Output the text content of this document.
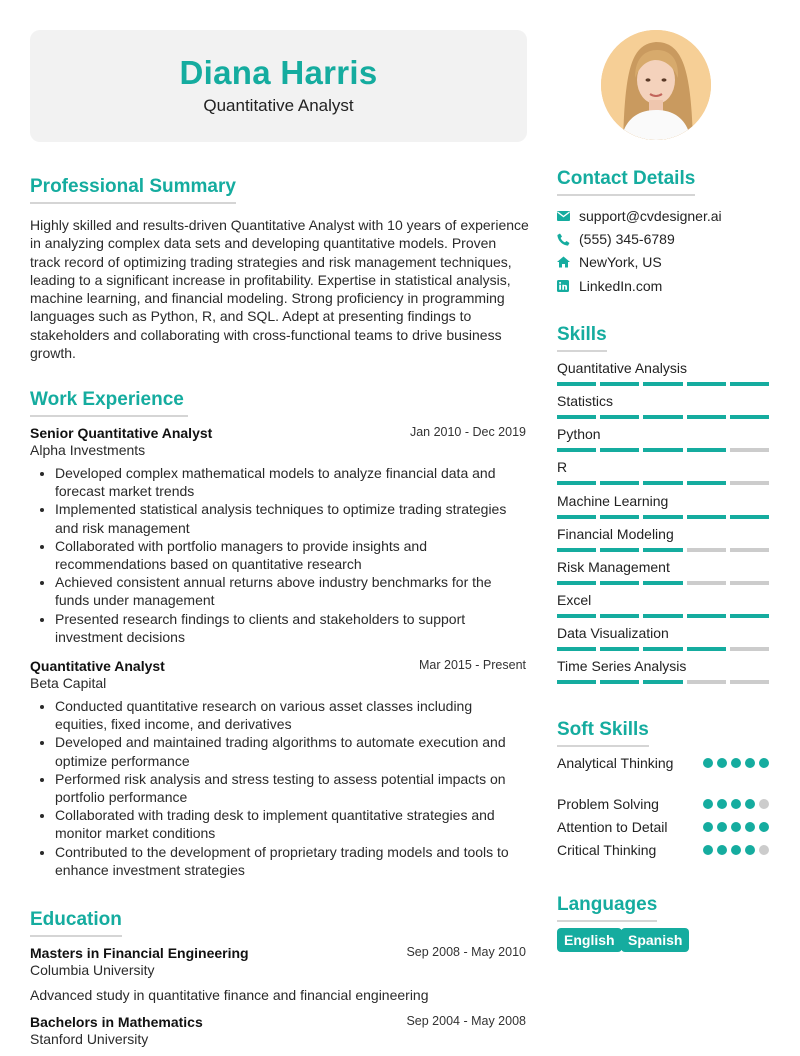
Diana Harris
Quantitative Analyst
Professional Summary
Highly skilled and results-driven Quantitative Analyst with 10 years of experience in analyzing complex data sets and developing quantitative models. Proven track record of optimizing trading strategies and risk management techniques, leading to a significant increase in profitability. Expertise in statistical analysis, machine learning, and financial modeling. Strong proficiency in programming languages such as Python, R, and SQL. Adept at presenting findings to stakeholders and collaborating with cross-functional teams to drive business growth.
Work Experience
Senior Quantitative Analyst	Jan 2010 - Dec 2019
Alpha Investments
• Developed complex mathematical models to analyze financial data and forecast market trends
• Implemented statistical analysis techniques to optimize trading strategies and risk management
• Collaborated with portfolio managers to provide insights and recommendations based on quantitative research
• Achieved consistent annual returns above industry benchmarks for the funds under management
• Presented research findings to clients and stakeholders to support investment decisions
Quantitative Analyst	Mar 2015 - Present
Beta Capital
• Conducted quantitative research on various asset classes including equities, fixed income, and derivatives
• Developed and maintained trading algorithms to automate execution and optimize performance
• Performed risk analysis and stress testing to assess potential impacts on portfolio performance
• Collaborated with trading desk to implement quantitative strategies and monitor market conditions
• Contributed to the development of proprietary trading models and tools to enhance investment strategies
Education
Masters in Financial Engineering	Sep 2008 - May 2010
Columbia University
Advanced study in quantitative finance and financial engineering
Bachelors in Mathematics	Sep 2004 - May 2008
Stanford University
Contact Details
support@cvdesigner.ai
(555) 345-6789
NewYork, US
LinkedIn.com
Skills
Quantitative Analysis
Statistics
Python
R
Machine Learning
Financial Modeling
Risk Management
Excel
Data Visualization
Time Series Analysis
Soft Skills
Analytical Thinking
Problem Solving
Attention to Detail
Critical Thinking
Languages
English Spanish
